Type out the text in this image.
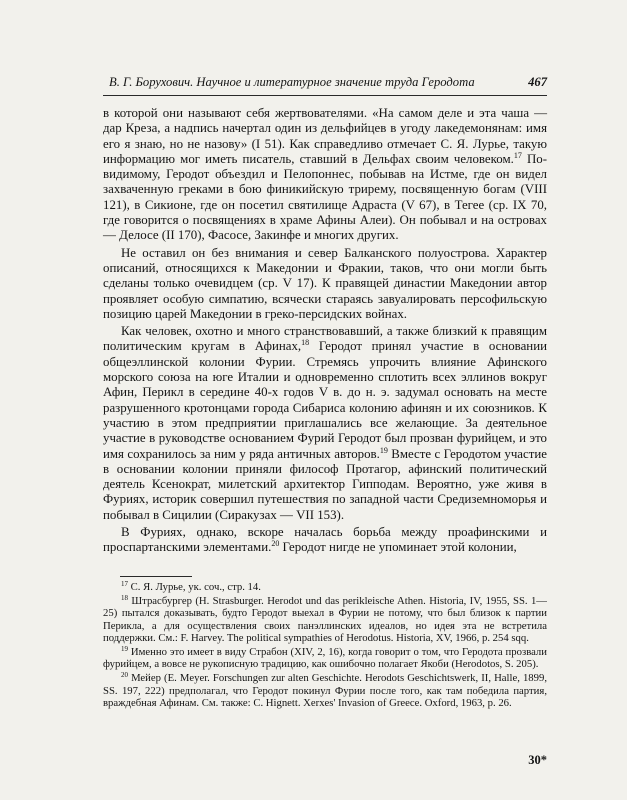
В. Г. Борухович. Научное и литературное значение труда Геродота	467

в которой они называют себя жертвователями. «На самом деле и эта чаша — дар Креза, а надпись начертал один из дельфийцев в угоду лакедемонянам: имя его я знаю, но не назову» (I 51). Как справедливо отмечает С. Я. Лурье, такую информацию мог иметь писатель, ставший в Дельфах своим человеком.$^{17}$ По-видимому, Геродот объездил и Пелопоннес, побывав на Истме, где он видел захваченную греками в бою финикийскую трирему, посвященную богам (VIII 121), в Сикионе, где он посетил святилище Адраста (V 67), в Тегее (ср. IX 70, где говорится о посвящениях в храме Афины Алеи). Он побывал и на островах — Делосе (II 170), Фасосе, Закинфе и многих других.

Не оставил он без внимания и север Балканского полуострова. Характер описаний, относящихся к Македонии и Фракии, таков, что они могли быть сделаны только очевидцем (ср. V 17). К правящей династии Македонии автор проявляет особую симпатию, всячески стараясь завуалировать персофильскую позицию царей Македонии в греко-персидских войнах.

Как человек, охотно и много странствовавший, а также близкий к правящим политическим кругам в Афинах,$^{18}$ Геродот принял участие в основании общеэллинской колонии Фурии. Стремясь упрочить влияние Афинского морского союза на юге Италии и одновременно сплотить всех эллинов вокруг Афин, Перикл в середине 40-х годов V в. до н. э. задумал основать на месте разрушенного кротонцами города Сибариса колонию афинян и их союзников. К участию в этом предприятии приглашались все желающие. За деятельное участие в руководстве основанием Фурий Геродот был прозван фурийцем, и это имя сохранилось за ним у ряда античных авторов.$^{19}$ Вместе с Геродотом участие в основании колонии приняли философ Протагор, афинский политический деятель Ксенократ, милетский архитектор Гипподам. Вероятно, уже живя в Фуриях, историк совершил путешествия по западной части Средиземноморья и побывал в Сицилии (Сиракузах — VII 153).

В Фуриях, однако, вскоре началась борьба между проафинскими и проспартанскими элементами.$^{20}$ Геродот нигде не упоминает этой колонии,

$^{17}$ С. Я. Лурье, ук. соч., стр. 14.

$^{18}$ Штрасбургер (H. Strasburger. Herodot und das perikleische Athen. Historia, IV, 1955, SS. 1—25) пытался доказывать, будто Геродот выехал в Фурии не потому, что был близок к партии Перикла, а для осуществления своих панэллинских идеалов, но идея эта не встретила поддержки. См.: F. Harvey. The political sympathies of Herodotus. Historia, XV, 1966, p. 254 sqq.

$^{19}$ Именно это имеет в виду Страбон (XIV, 2, 16), когда говорит о том, что Геродота прозвали фурийцем, а вовсе не рукописную традицию, как ошибочно полагает Якоби (Herodotos, S. 205).

$^{20}$ Мейер (E. Meyer. Forschungen zur alten Geschichte. Herodots Geschichtswerk, II, Halle, 1899, SS. 197, 222) предполагал, что Геродот покинул Фурии после того, как там победила партия, враждебная Афинам. См. также: C. Hignett. Xerxes' Invasion of Greece. Oxford, 1963, p. 26.

30*
